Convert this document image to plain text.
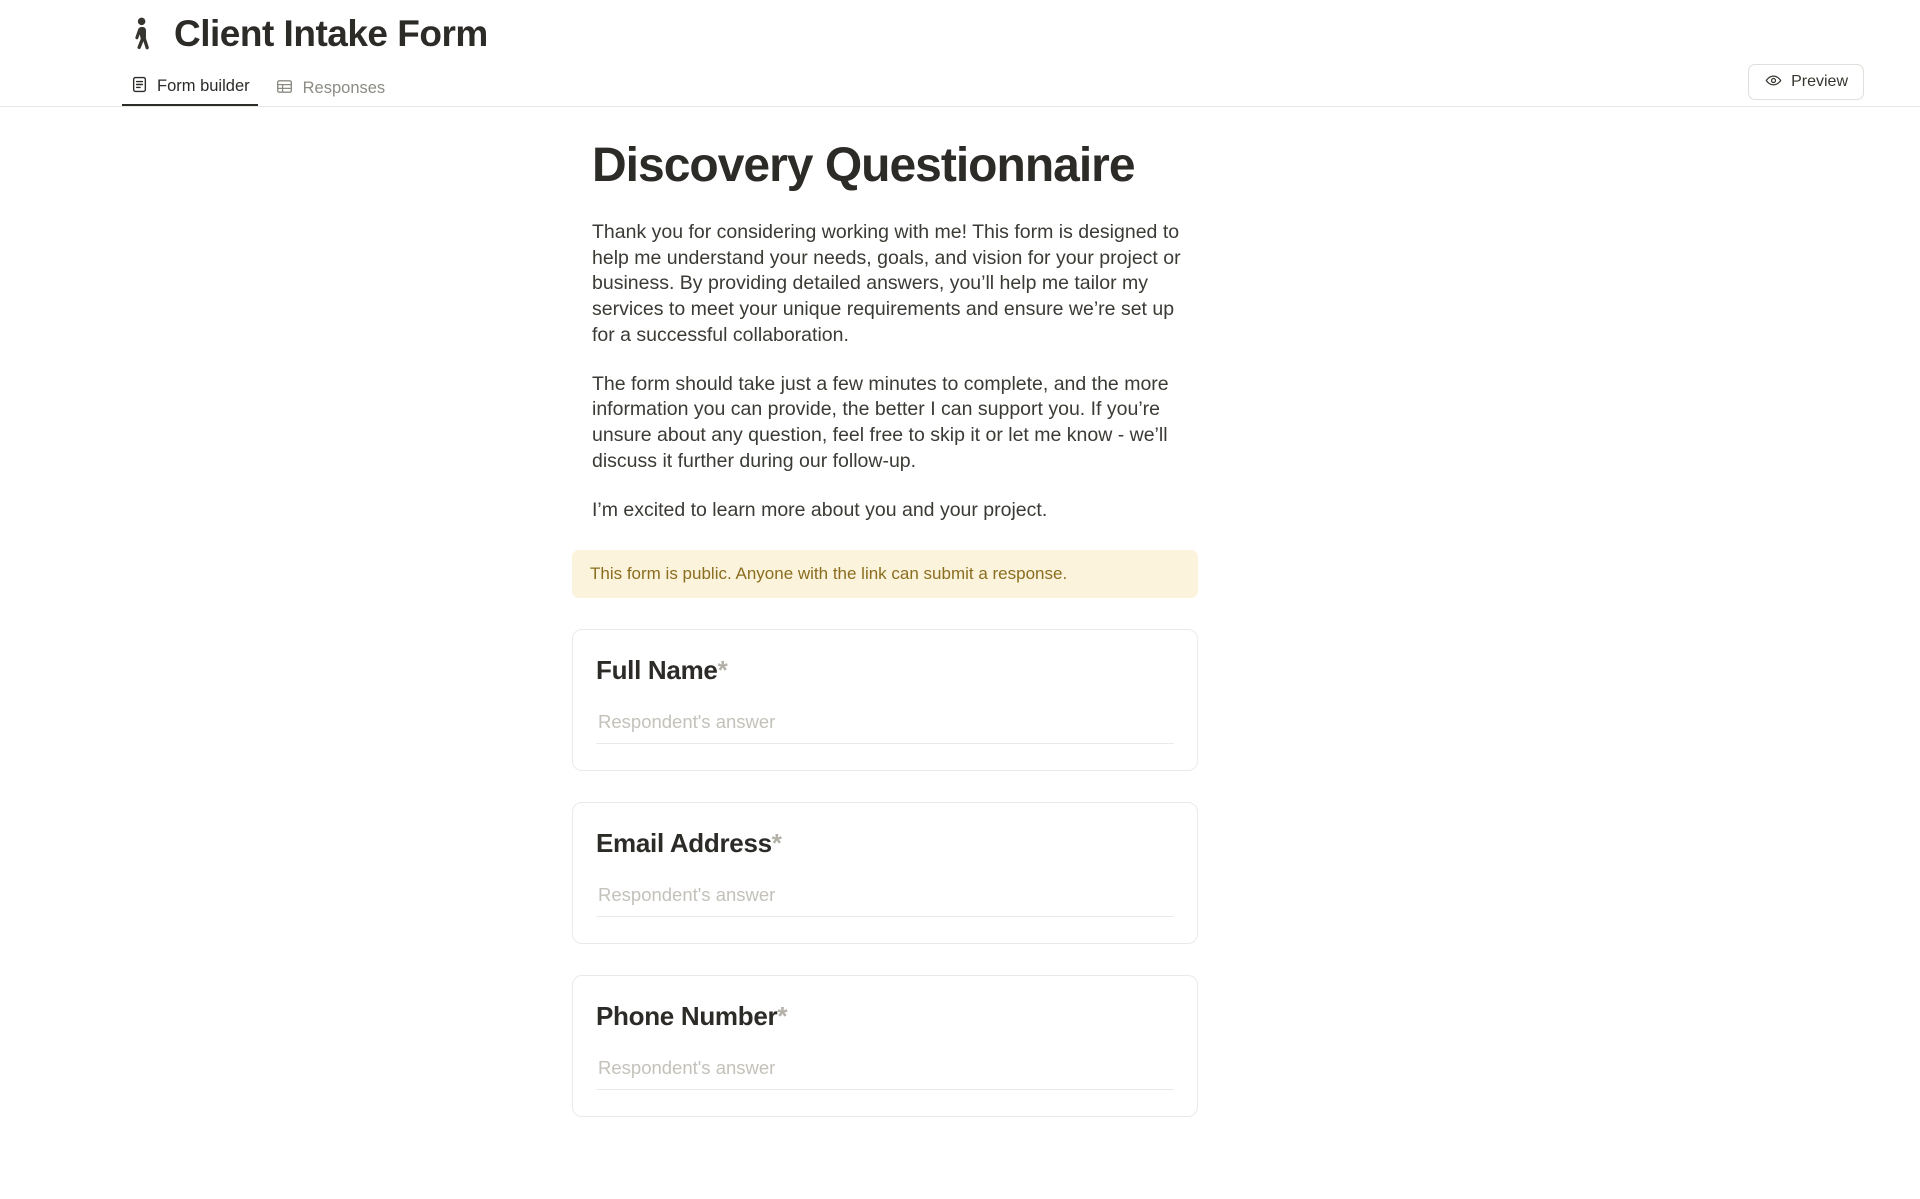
Client Intake Form
Form builder	Responses	Preview
Discovery Questionnaire

Thank you for considering working with me! This form is designed to help me understand your needs, goals, and vision for your project or business. By providing detailed answers, you’ll help me tailor my services to meet your unique requirements and ensure we’re set up for a successful collaboration.

The form should take just a few minutes to complete, and the more information you can provide, the better I can support you. If you’re unsure about any question, feel free to skip it or let me know - we’ll discuss it further during our follow-up.

I’m excited to learn more about you and your project.

This form is public. Anyone with the link can submit a response.
Full Name*
Respondent's answer
Email Address*
Respondent's answer
Phone Number*
Respondent's answer
